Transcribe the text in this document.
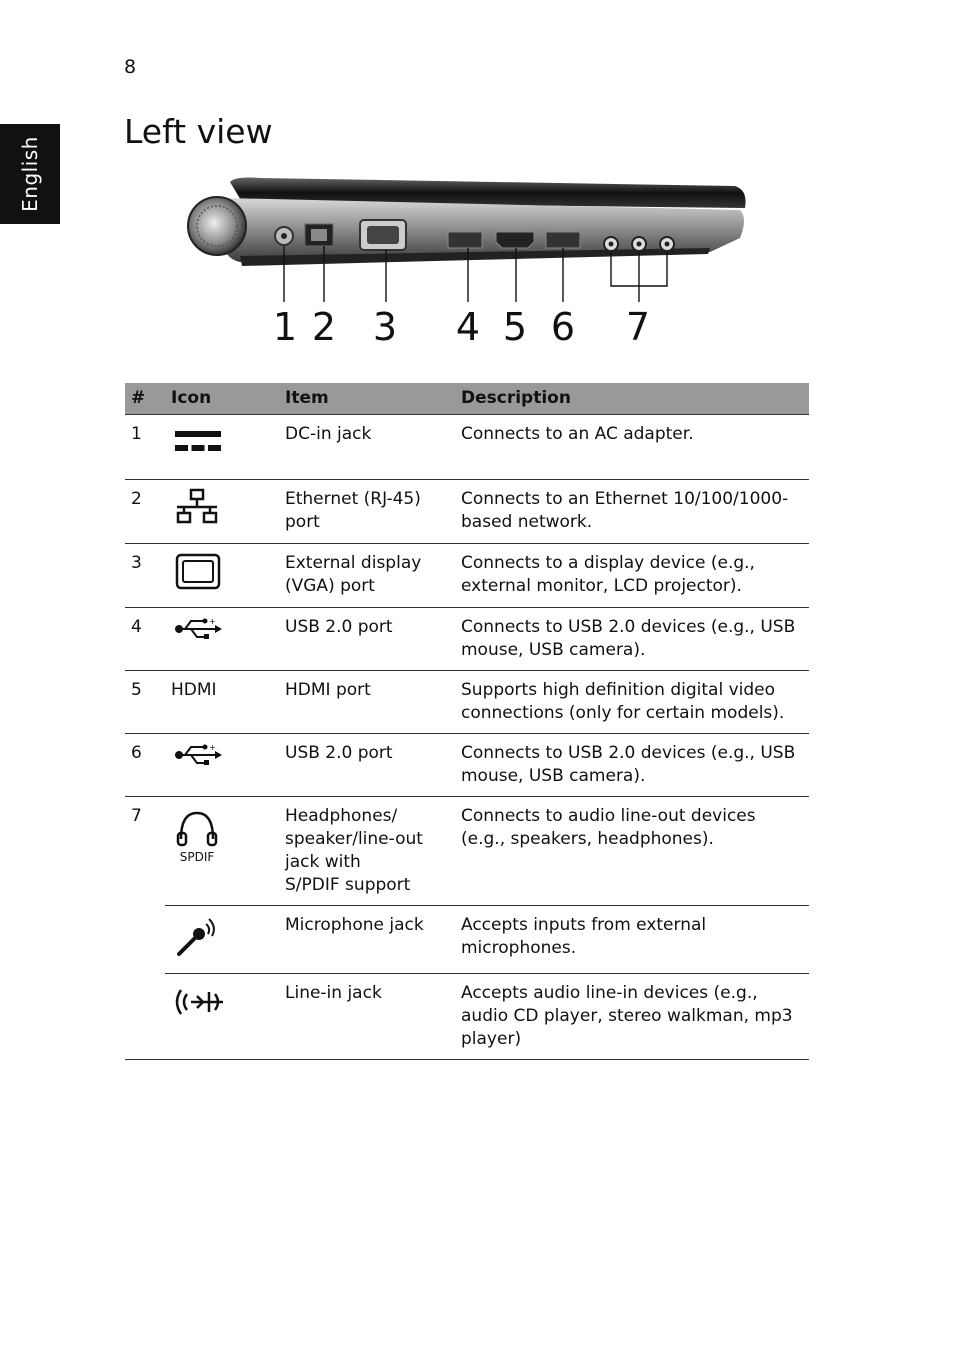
8
English
Left view
1 2 3 4 5 6 7
#	Icon	Item	Description
1		DC-in jack	Connects to an AC adapter.
2		Ethernet (RJ-45) port	Connects to an Ethernet 10/100/1000-based network.
3		External display (VGA) port	Connects to a display device (e.g., external monitor, LCD projector).
4	+	USB 2.0 port	Connects to USB 2.0 devices (e.g., USB mouse, USB camera).
5	HDMI	HDMI port	Supports high definition digital video connections (only for certain models).
6	+	USB 2.0 port	Connects to USB 2.0 devices (e.g., USB mouse, USB camera).
7	SPDIF	Headphones/
speaker/line-out
jack with
S/PDIF support	Connects to audio line-out devices (e.g., speakers, headphones).
		Microphone jack	Accepts inputs from external microphones.
		Line-in jack	Accepts audio line-in devices (e.g., audio CD player, stereo walkman, mp3 player)
